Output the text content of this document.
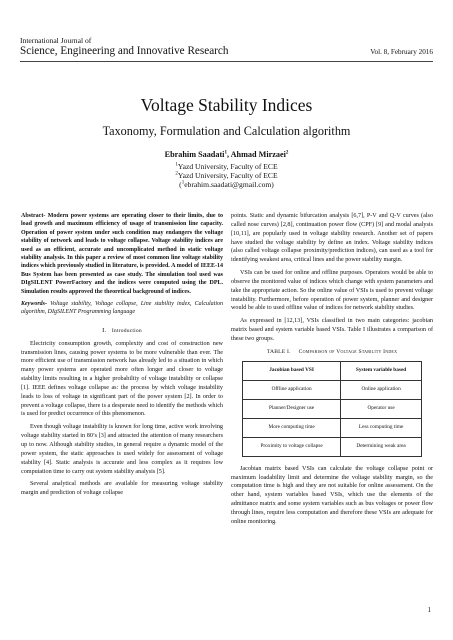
International Journal of
Science, Engineering and Innovative Research	Vol. 8, February 2016
Voltage Stability Indices
Taxonomy, Formulation and Calculation algorithm
Ebrahim Saadati$^1$, Ahmad Mirzaei$^2$
$^1$Yazd University, Faculty of ECE
$^2$Yazd University, Faculty of ECE
($^1$ebrahim.saadati@gmail.com)
Abstract- Modern power systems are operating closer to their limits, due to load growth and maximum efficiency of usage of transmission line capacity. Operation of power system under such condition may endangers the voltage stability of network and leads to voltage collapse. Voltage stability indices are used as an efficient, accurate and uncomplicated method in static voltage stability analysis. In this paper a review of most common line voltage stability indices which previously studied in literature, is provided. A model of IEEE-14 Bus System has been presented as case study. The simulation tool used was DIgSILENT PowerFactory and the indices were computed using the DPL. Simulation results approved the theoretical background of indices.
Keywords- Voltage stability, Voltage collapse, Line stability index, Calculation algorithm, DIgSILENT Programming language
I. Introduction

Electricity consumption growth, complexity and cost of construction new transmission lines, causing power systems to be more vulnerable than ever. The more efficient use of transmission network has already led to a situation in which many power systems are operated more often longer and closer to voltage stability limits resulting in a higher probability of voltage instability or collapse [1]. IEEE defines voltage collapse as: the process by which voltage instability leads to loss of voltage in significant part of the power system [2]. In order to prevent a voltage collapse, there is a desperate need to identify the methods which is used for predict occurrence of this phenomenon.

Even though voltage instability is known for long time, active work involving voltage stability started in 80’s [3] and attracted the attention of many researchers up to now. Although stability studies, in general require a dynamic model of the power system, the static approaches is used widely for assessment of voltage stability [4]. Static analysis is accurate and less complex as it requires low computation time to carry out system stability analysis [5].

Several analytical methods are available for measuring voltage stability margin and prediction of voltage collapse

points. Static and dynamic bifurcation analysis [6,7], P-V and Q-V curves (also called nose curves) [2,8], continuation power flow (CPF) [9] and modal analysis [10,11], are popularly used in voltage stability research. Another set of papers have studied the voltage stability by define an index. Voltage stability indices (also called voltage collapse proximity/prediction indices), can used as a tool for identifying weakest area, critical lines and the power stability margin.

VSIs can be used for online and offline purposes. Operators would be able to observe the monitored value of indices which change with system parameters and take the appropriate action. So the online value of VSIs is used to prevent voltage instability. Furthermore, before operation of power system, planner and designer would be able to used offline value of indices for network stability studies.

As expressed in [12,13], VSIs classified in two main categories: jacobian matrix based and system variable based VSIs. Table I illustrates a comparison of these two groups.

TABLE I. Comparison of Voltage Stability Index
Jacobian based VSI	System variable based
Offline application	Online application
Planner/Designer use	Operator use
More computing time	Less computing time
Proximity to voltage collapse	Determining weak area

Jacobian matrix based VSIs can calculate the voltage collapse point or maximum loadability limit and determine the voltage stability margin, so the computation time is high and they are not suitable for online assessment. On the other hand, system variables based VSIs, which use the elements of the admittance matrix and some system variables such as bus voltages or power flow through lines, require less computation and therefore these VSIs are adequate for online monitoring.

1
